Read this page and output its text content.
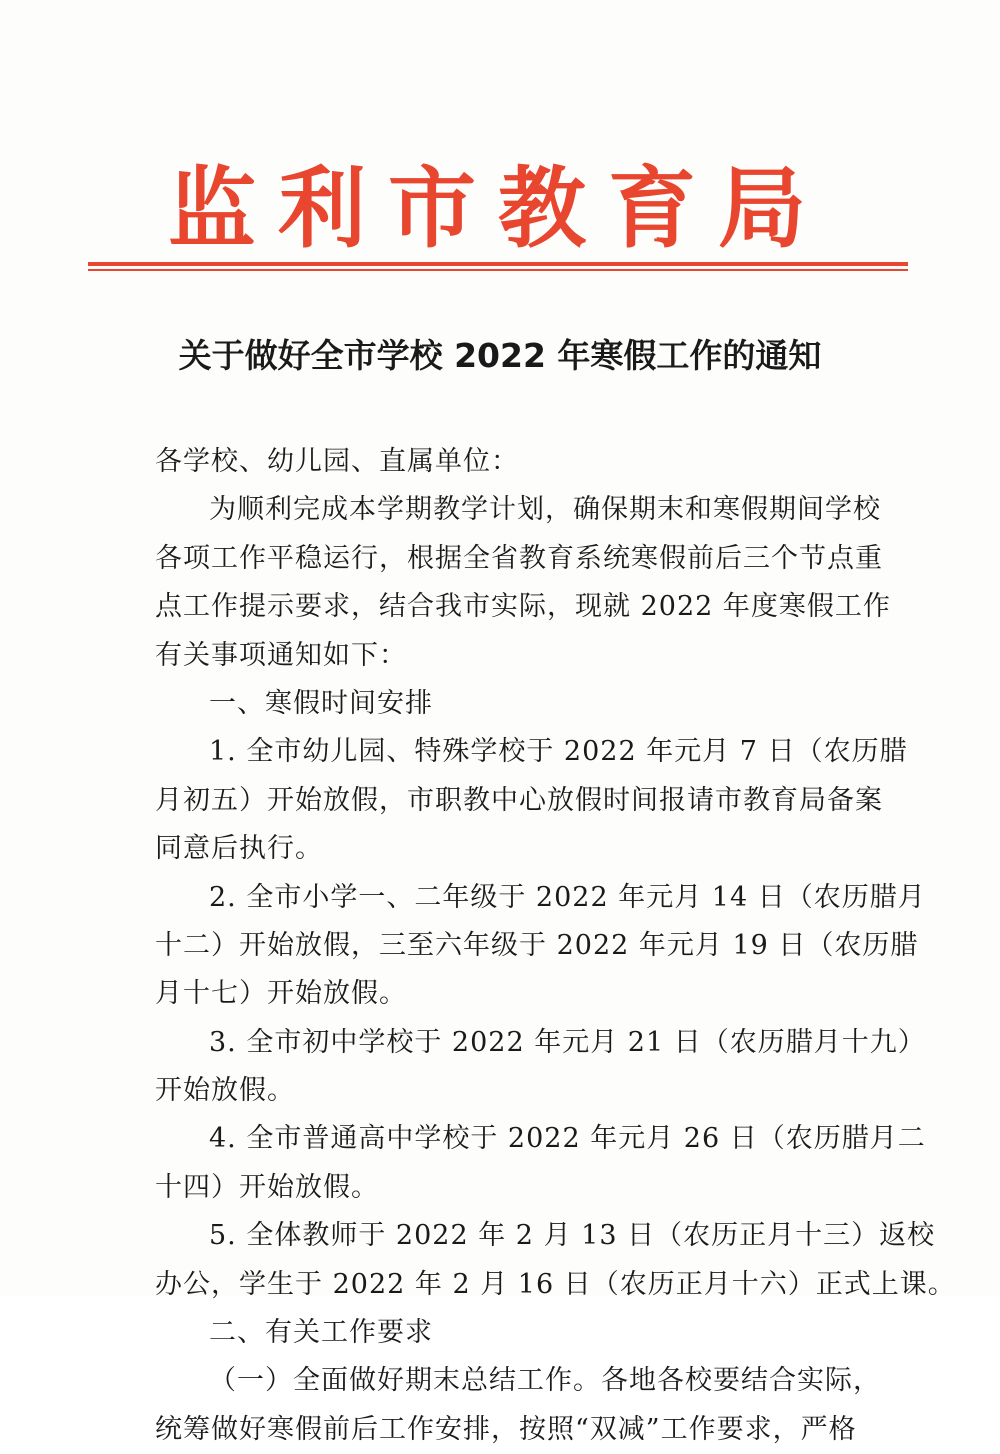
监利市教育局
关于做好全市学校 2022 年寒假工作的通知
各学校、幼儿园、直属单位：
为顺利完成本学期教学计划，确保期末和寒假期间学校
各项工作平稳运行，根据全省教育系统寒假前后三个节点重
点工作提示要求，结合我市实际，现就 2022 年度寒假工作
有关事项通知如下：
一、寒假时间安排
1. 全市幼儿园、特殊学校于 2022 年元月 7 日（农历腊
月初五）开始放假，市职教中心放假时间报请市教育局备案
同意后执行。
2. 全市小学一、二年级于 2022 年元月 14 日（农历腊月
十二）开始放假，三至六年级于 2022 年元月 19 日（农历腊
月十七）开始放假。
3. 全市初中学校于 2022 年元月 21 日（农历腊月十九）
开始放假。
4. 全市普通高中学校于 2022 年元月 26 日（农历腊月二
十四）开始放假。
5. 全体教师于 2022 年 2 月 13 日（农历正月十三）返校
办公，学生于 2022 年 2 月 16 日（农历正月十六）正式上课。
二、有关工作要求
（一）全面做好期末总结工作。各地各校要结合实际，
统筹做好寒假前后工作安排，按照“双减”工作要求，严格
